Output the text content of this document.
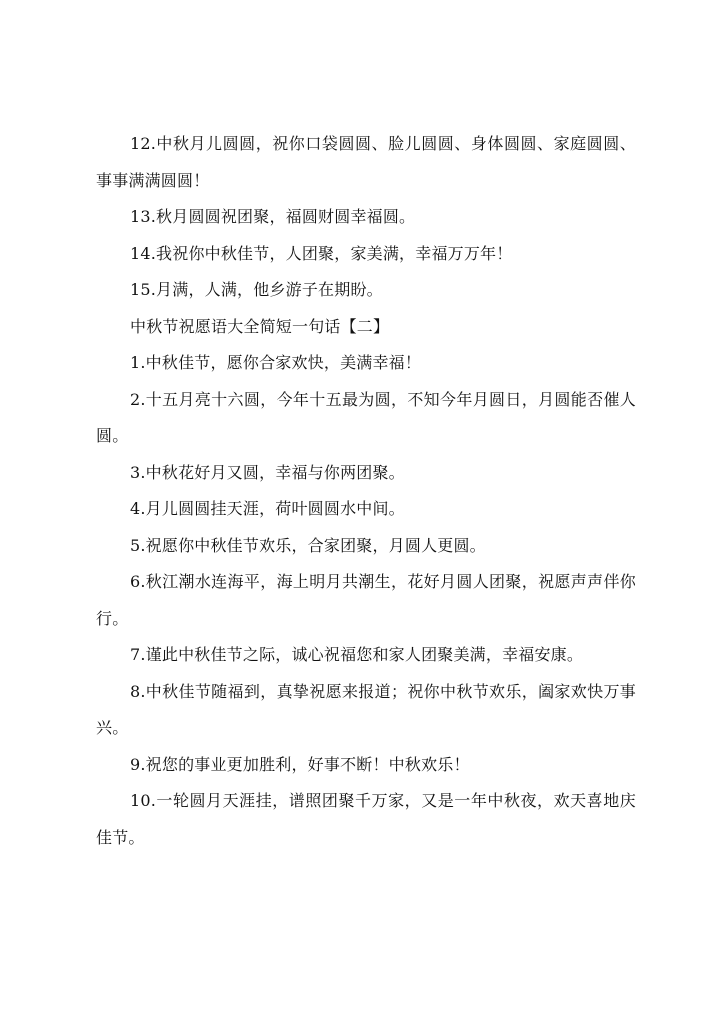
12.中秋月儿圆圆，祝你口袋圆圆、脸儿圆圆、身体圆圆、家庭圆圆、事事满满圆圆！

13.秋月圆圆祝团聚，福圆财圆幸福圆。

14.我祝你中秋佳节，人团聚，家美满，幸福万万年！

15.月满，人满，他乡游子在期盼。

中秋节祝愿语大全简短一句话【二】

1.中秋佳节，愿你合家欢快，美满幸福！

2.十五月亮十六圆，今年十五最为圆，不知今年月圆日，月圆能否催人圆。

3.中秋花好月又圆，幸福与你两团聚。

4.月儿圆圆挂天涯，荷叶圆圆水中间。

5.祝愿你中秋佳节欢乐，合家团聚，月圆人更圆。

6.秋江潮水连海平，海上明月共潮生，花好月圆人团聚，祝愿声声伴你行。

7.谨此中秋佳节之际，诚心祝福您和家人团聚美满，幸福安康。

8.中秋佳节随福到，真挚祝愿来报道；祝你中秋节欢乐，阖家欢快万事兴。

9.祝您的事业更加胜利，好事不断！中秋欢乐！

10.一轮圆月天涯挂，谱照团聚千万家，又是一年中秋夜，欢天喜地庆佳节。
